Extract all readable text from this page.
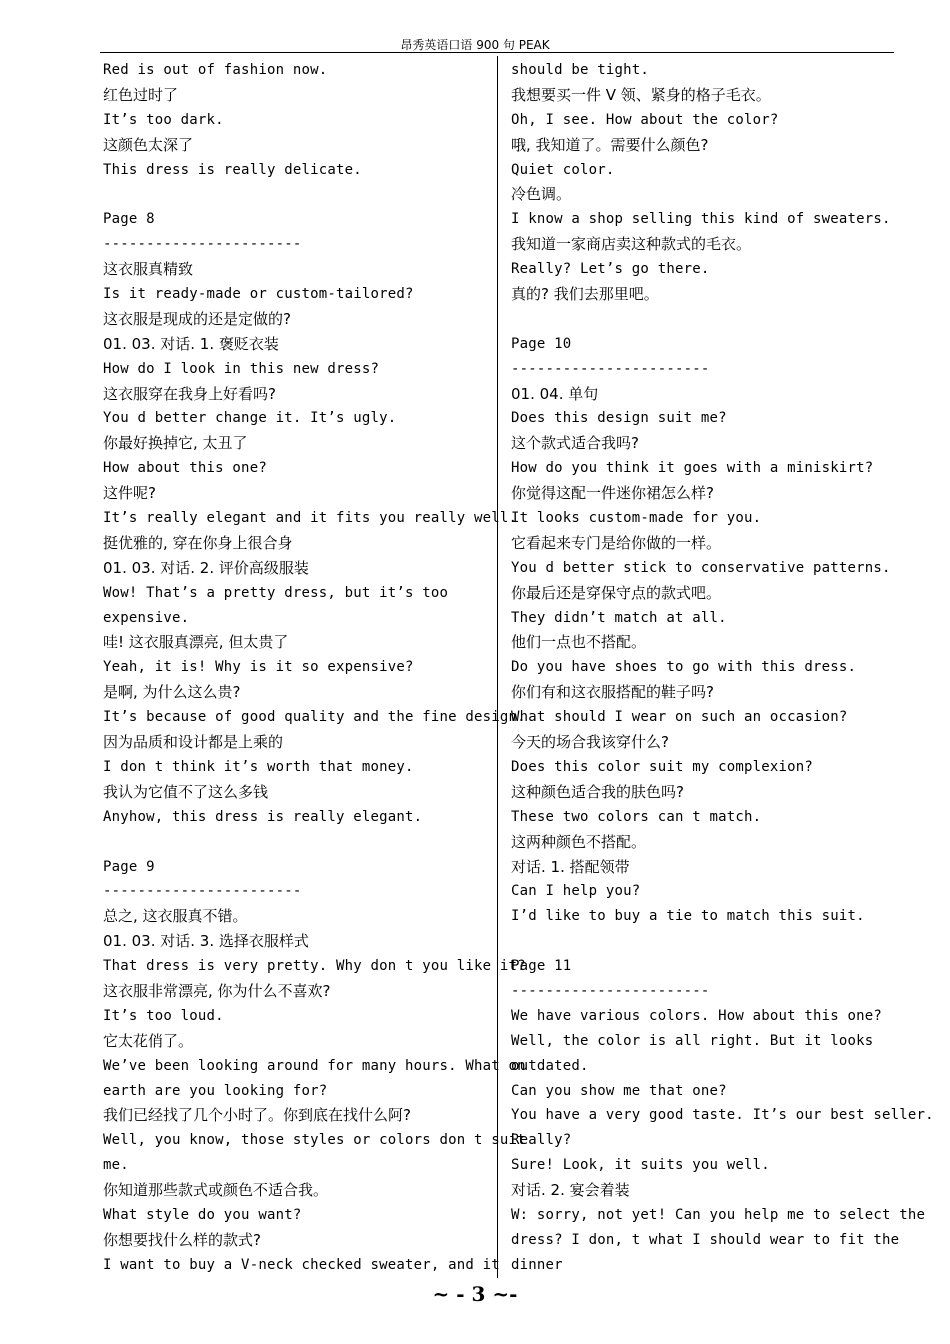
昂秀英语口语 900 句 PEAK
Red is out of fashion now.
红色过时了
It’s too dark.
这颜色太深了
This dress is really delicate.
Page 8
-----------------------
这衣服真精致
Is it ready-made or custom-tailored?
这衣服是现成的还是定做的?
01. 03. 对话. 1. 褒贬衣装
How do I look in this new dress?
这衣服穿在我身上好看吗?
You d better change it. It’s ugly.
你最好换掉它, 太丑了
How about this one?
这件呢?
It’s really elegant and it fits you really well.
挺优雅的, 穿在你身上很合身
01. 03. 对话. 2. 评价高级服装
Wow! That’s a pretty dress, but it’s too
expensive.
哇! 这衣服真漂亮, 但太贵了
Yeah, it is! Why is it so expensive?
是啊, 为什么这么贵?
It’s because of good quality and the fine design.
因为品质和设计都是上乘的
I don t think it’s worth that money.
我认为它值不了这么多钱
Anyhow, this dress is really elegant.
Page 9
-----------------------
总之, 这衣服真不错。
01. 03. 对话. 3. 选择衣服样式
That dress is very pretty. Why don t you like it?
这衣服非常漂亮, 你为什么不喜欢?
It’s too loud.
它太花俏了。
We’ve been looking around for many hours. What on
earth are you looking for?
我们已经找了几个小时了。你到底在找什么阿?
Well, you know, those styles or colors don t suit
me.
你知道那些款式或颜色不适合我。
What style do you want?
你想要找什么样的款式?
I want to buy a V-neck checked sweater, and it
should be tight.
我想要买一件 V 领、紧身的格子毛衣。
Oh, I see. How about the color?
哦, 我知道了。需要什么颜色?
Quiet color.
冷色调。
I know a shop selling this kind of sweaters.
我知道一家商店卖这种款式的毛衣。
Really? Let’s go there.
真的? 我们去那里吧。
Page 10
-----------------------
01. 04. 单句
Does this design suit me?
这个款式适合我吗?
How do you think it goes with a miniskirt?
你觉得这配一件迷你裙怎么样?
It looks custom-made for you.
它看起来专门是给你做的一样。
You d better stick to conservative patterns.
你最后还是穿保守点的款式吧。
They didn’t match at all.
他们一点也不搭配。
Do you have shoes to go with this dress.
你们有和这衣服搭配的鞋子吗?
What should I wear on such an occasion?
今天的场合我该穿什么?
Does this color suit my complexion?
这种颜色适合我的肤色吗?
These two colors can t match.
这两种颜色不搭配。
对话. 1. 搭配领带
Can I help you?
I’d like to buy a tie to match this suit.
Page 11
-----------------------
We have various colors. How about this one?
Well, the color is all right. But it looks
outdated.
Can you show me that one?
You have a very good taste. It’s our best seller.
Really?
Sure! Look, it suits you well.
对话. 2. 宴会着装
W: sorry, not yet! Can you help me to select the
dress? I don, t what I should wear to fit the
dinner
~ - 3 ~-
